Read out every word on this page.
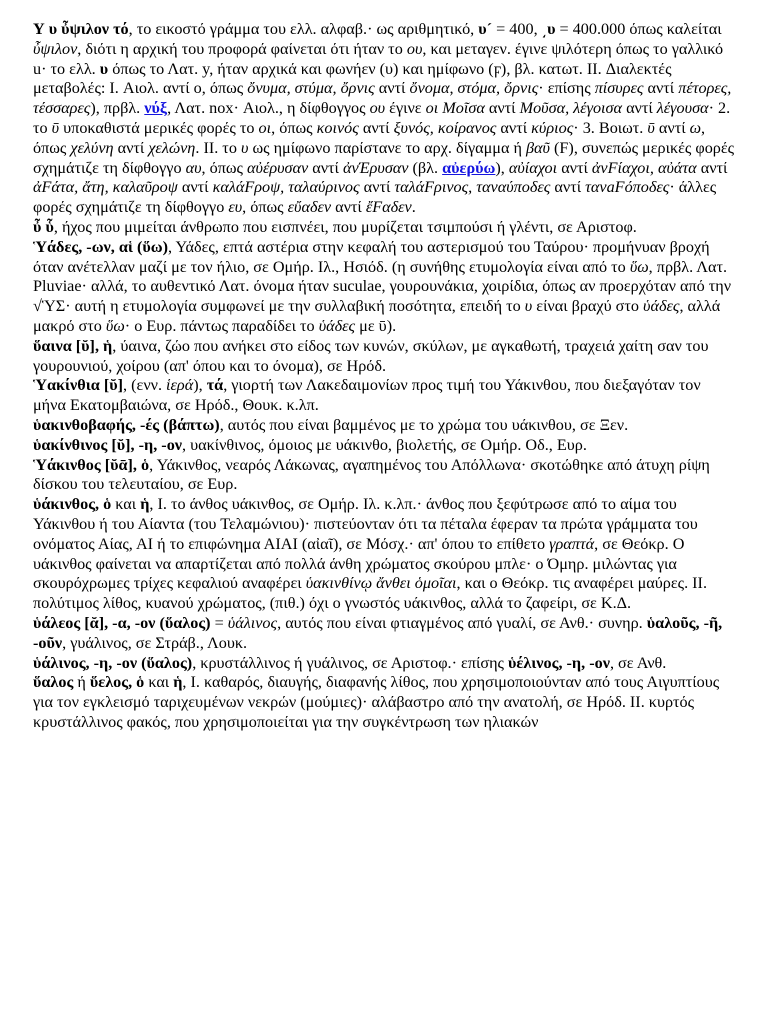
Υ υ ὖψιλον τό, το εικοστό γράμμα του ελλ. αλφαβ.· ως αριθμητικό, υ´ = 400, ͵υ = 400.000 όπως καλείται ὖψιλον, διότι η αρχική του προφορά φαίνεται ότι ήταν το ου, και μεταγεν. έγινε ψιλότερη όπως το γαλλικό u· το ελλ. υ όπως το Λατ. y, ήταν αρχικά και φωνήεν (υ) και ημίφωνο (ϝ), βλ. κατωτ. II. Διαλεκτές μεταβολές: I. Αιολ. αντί ο, όπως ὄνυμα, στύμα, ὄρνις αντί ὄνομα, στόμα, ὄρνις· επίσης πίσυρες αντί πέτορες, τέσσαρες), πρβλ. νύξ, Λατ. nox· Αιολ., η δίφθογγος ου έγινε οι Μοῖσα αντί Μοῦσα, λέγοισα αντί λέγουσα· 2. το ῡ υποκαθιστά μερικές φορές το οι, όπως κοινός αντί ξυνός, κοίρανος αντί κύριος· 3. Βοιωτ. ῡ αντί ω, όπως χελύνη αντί χελώνη. II. το υ ως ημίφωνο παρίστανε το αρχ. δίγαμμα ή βαῦ (F), συνεπώς μερικές φορές σχημάτιζε τη δίφθογγο αυ, όπως αὐέρυσαν αντί ἀνΈρυσαν (βλ. αὐερύω), αὐίαχοι αντί ἀνFίαχοι, αὐάτα αντί ἀFάτα, ἄτη, καλαῦροψ αντί καλάFροψ, ταλαύρινος αντί ταλάFρινος, ταναύποδες αντί τανaFόποδες· άλλες φορές σχημάτιζε τη δίφθογγο ευ, όπως εὔαδεν αντί ἔFαδεν.

ὖ ὗ, ήχος που μιμείται άνθρωπο που εισπνέει, που μυρίζεται τσιμπούσι ή γλέντι, σε Αριστοφ.

Ὑάδες, -ων, αἱ (ὕω), Υάδες, επτά αστέρια στην κεφαλή του αστερισμού του Ταύρου· προμήνυαν βροχή όταν ανέτελλαν μαζί με τον ήλιο, σε Ομήρ. Ιλ., Ησιόδ. (η συνήθης ετυμολογία είναι από το ὕω, πρβλ. Λατ. Pluviae· αλλά, το αυθεντικό Λατ. όνομα ήταν suculae, γουρουνάκια, χοιρίδια, όπως αν προερχόταν από την √ὙΣ· αυτή η ετυμολογία συμφωνεί με την συλλαβική ποσότητα, επειδή το υ είναι βραχύ στο ὑάδες, αλλά μακρό στο ὕω· ο Ευρ. πάντως παραδίδει το ὑάδες με ῡ).

ὕαινα [ῠ], ἡ, ύαινα, ζώο που ανήκει στο είδος των κυνών, σκύλων, με αγκαθωτή, τραχειά χαίτη σαν του γουρουνιού, χοίρου (απ' όπου και το όνομα), σε Ηρόδ.

Ὑακίνθια [ῠ], (ενν. ἱερά), τά, γιορτή των Λακεδαιμονίων προς τιμή του Υάκινθου, που διεξαγόταν τον μήνα Εκατομβαιώνα, σε Ηρόδ., Θουκ. κ.λπ.

ὑακινθοβαφής, -ές (βάπτω), αυτός που είναι βαμμένος με το χρώμα του υάκινθου, σε Ξεν.

ὑακίνθινος [ῠ], -η, -ον, υακίνθινος, όμοιος με υάκινθο, βιολετής, σε Ομήρ. Οδ., Ευρ.

Ὑάκινθος [ῠᾱ], ὁ, Υάκινθος, νεαρός Λάκωνας, αγαπημένος του Απόλλωνα· σκοτώθηκε από άτυχη ρίψη δίσκου του τελευταίου, σε Ευρ.

ὑάκινθος, ὁ και ἡ, I. το άνθος υάκινθος, σε Ομήρ. Ιλ. κ.λπ.· άνθος που ξεφύτρωσε από το αίμα του Υάκινθου ή του Αίαντα (του Τελαμώνιου)· πιστεύονταν ότι τα πέταλα έφεραν τα πρώτα γράμματα του ονόματος Αίας, ΑΙ ή το επιφώνημα ΑΙΑΙ (αἰαῖ), σε Μόσχ.· απ' όπου το επίθετο γραπτά, σε Θεόκρ. Ο υάκινθος φαίνεται να απαρτίζεται από πολλά άνθη χρώματος σκούρου μπλε· ο Όμηρ. μιλώντας για σκουρόχρωμες τρίχες κεφαλιού αναφέρει ὑακινθίνῳ ἄνθει ὁμοῖαι, και ο Θεόκρ. τις αναφέρει μαύρες. II. πολύτιμος λίθος, κυανού χρώματος, (πιθ.) όχι ο γνωστός υάκινθος, αλλά το ζαφείρι, σε Κ.Δ.

ὑάλεος [ᾰ], -α, -ον (ὕαλος) = ὑάλινος, αυτός που είναι φτιαγμένος από γυαλί, σε Ανθ.· συνηρ. ὑαλοῦς, -ῆ, -οῦν, γυάλινος, σε Στράβ., Λουκ.

ὑάλινος, -η, -ον (ὕαλος), κρυστάλλινος ή γυάλινος, σε Αριστοφ.· επίσης ὑέλινος, -η, -ον, σε Ανθ.

ὕαλος ή ὕελος, ὁ και ἡ, I. καθαρός, διαυγής, διαφανής λίθος, που χρησιμοποιούνταν από τους Αιγυπτίους για τον εγκλεισμό ταριχευμένων νεκρών (μούμιες)· αλάβαστρο από την ανατολή, σε Ηρόδ. II. κυρτός κρυστάλλινος φακός, που χρησιμοποιείται για την συγκέντρωση των ηλιακών
